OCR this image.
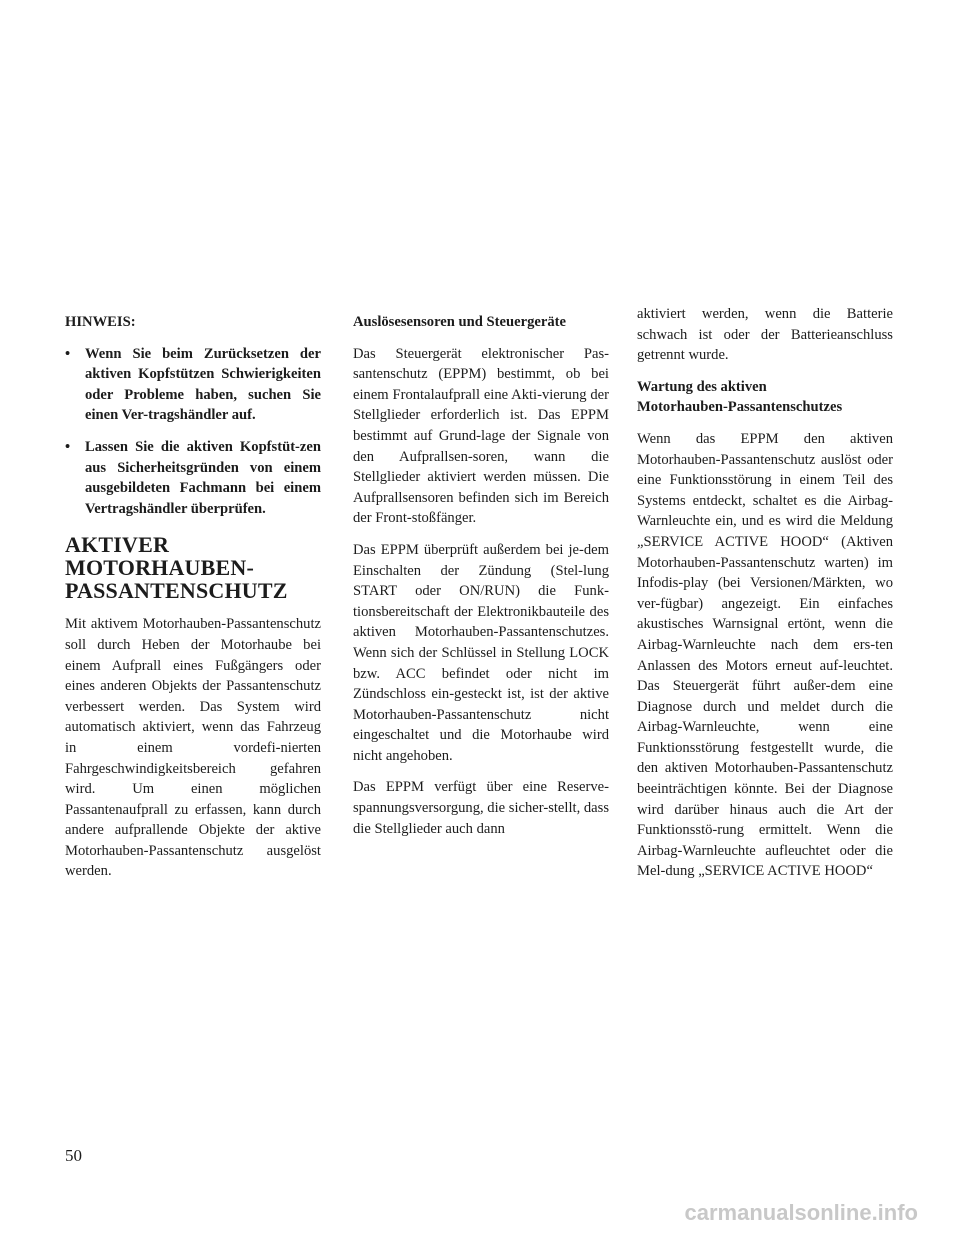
HINWEIS:
• Wenn Sie beim Zurücksetzen der aktiven Kopfstützen Schwierigkeiten oder Probleme haben, suchen Sie einen Ver-tragshändler auf.
• Lassen Sie die aktiven Kopfstüt-zen aus Sicherheitsgründen von einem ausgebildeten Fachmann bei einem Vertragshändler überprüfen.
AKTIVER
MOTORHAUBEN-
PASSANTENSCHUTZ

Mit aktivem Motorhauben-Passantenschutz soll durch Heben der Motorhaube bei einem Aufprall eines Fußgängers oder eines anderen Objekts der Passantenschutz verbessert werden. Das System wird automatisch aktiviert, wenn das Fahrzeug in einem vordefi-nierten Fahrgeschwindigkeitsbereich gefahren wird. Um einen möglichen Passantenaufprall zu erfassen, kann durch andere aufprallende Objekte der aktive Motorhauben-Passantenschutz ausgelöst werden.

Auslösesensoren und Steuergeräte

Das Steuergerät elektronischer Pas-santenschutz (EPPM) bestimmt, ob bei einem Frontalaufprall eine Akti-vierung der Stellglieder erforderlich ist. Das EPPM bestimmt auf Grund-lage der Signale von den Aufprallsen-soren, wann die Stellglieder aktiviert werden müssen. Die Aufprallsensoren befinden sich im Bereich der Front-stoßfänger.

Das EPPM überprüft außerdem bei je-dem Einschalten der Zündung (Stel-lung START oder ON/RUN) die Funk-tionsbereitschaft der Elektronikbauteile des aktiven Motorhauben-Passantenschutzes. Wenn sich der Schlüssel in Stellung LOCK bzw. ACC befindet oder nicht im Zündschloss ein-gesteckt ist, ist der aktive Motorhauben-Passantenschutz nicht eingeschaltet und die Motorhaube wird nicht angehoben.

Das EPPM verfügt über eine Reserve-spannungsversorgung, die sicher-stellt, dass die Stellglieder auch dann

aktiviert werden, wenn die Batterie schwach ist oder der Batterieanschluss getrennt wurde.

Wartung des aktiven
Motorhauben-Passantenschutzes

Wenn das EPPM den aktiven Motorhauben-Passantenschutz auslöst oder eine Funktionsstörung in einem Teil des Systems entdeckt, schaltet es die Airbag-Warnleuchte ein, und es wird die Meldung „SERVICE ACTIVE HOOD“ (Aktiven Motorhauben-Passantenschutz warten) im Infodis-play (bei Versionen/Märkten, wo ver-fügbar) angezeigt. Ein einfaches akustisches Warnsignal ertönt, wenn die Airbag-Warnleuchte nach dem ers-ten Anlassen des Motors erneut auf-leuchtet. Das Steuergerät führt außer-dem eine Diagnose durch und meldet durch die Airbag-Warnleuchte, wenn eine Funktionsstörung festgestellt wurde, die den aktiven Motorhauben-Passantenschutz beeinträchtigen könnte. Bei der Diagnose wird darüber hinaus auch die Art der Funktionsstö-rung ermittelt. Wenn die Airbag-Warnleuchte aufleuchtet oder die Mel-dung „SERVICE ACTIVE HOOD“

50
carmanualsonline.info
